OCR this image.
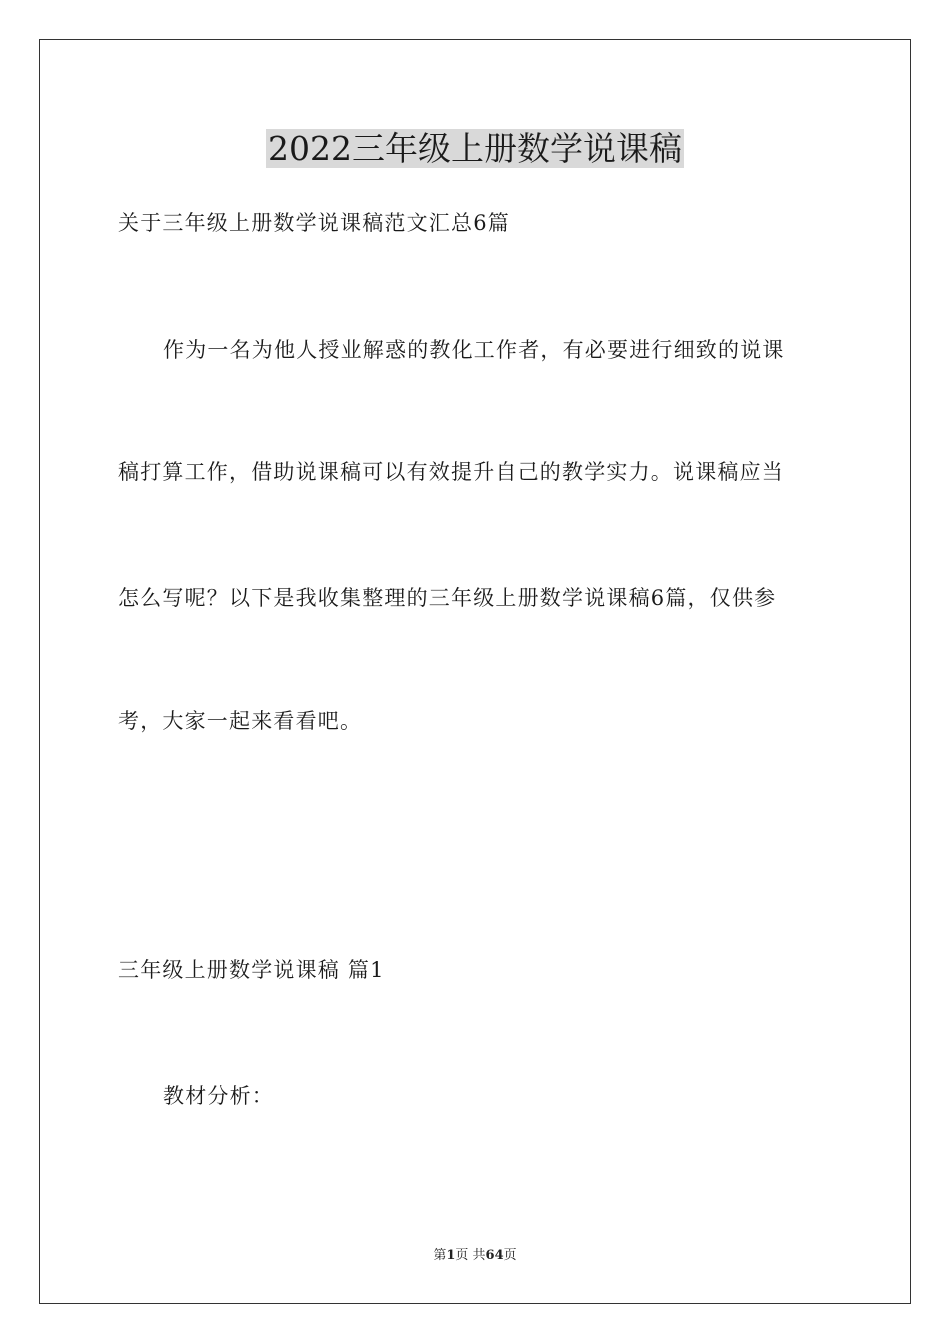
2022三年级上册数学说课稿

关于三年级上册数学说课稿范文汇总6篇

作为一名为他人授业解惑的教化工作者，有必要进行细致的说课

稿打算工作，借助说课稿可以有效提升自己的教学实力。说课稿应当

怎么写呢？以下是我收集整理的三年级上册数学说课稿6篇，仅供参

考，大家一起来看看吧。

三年级上册数学说课稿 篇1

教材分析：

第1页 共64页
